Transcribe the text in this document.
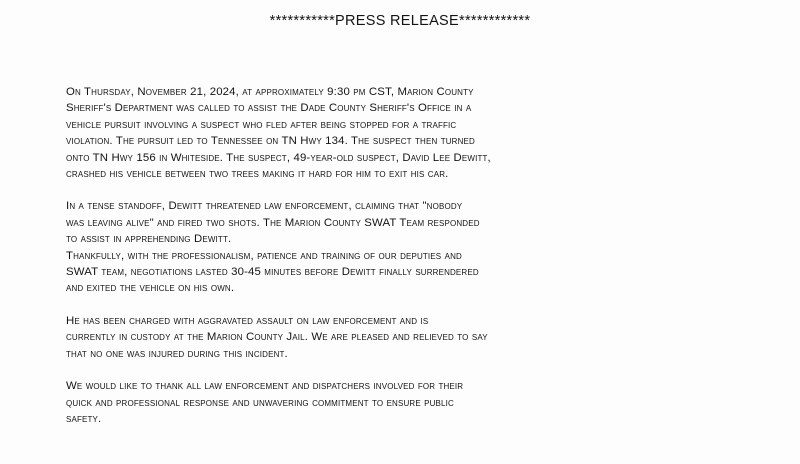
***********PRESS RELEASE************

On Thursday, November 21, 2024, at approximately 9:30 pm CST, Marion County
Sheriff's Department was called to assist the Dade County Sheriff's Office in a
vehicle pursuit involving a suspect who fled after being stopped for a traffic
violation. The pursuit led to Tennessee on TN Hwy 134. The suspect then turned
onto TN Hwy 156 in Whiteside. The suspect, 49-year-old suspect, David Lee Dewitt,
crashed his vehicle between two trees making it hard for him to exit his car.

In a tense standoff, Dewitt threatened law enforcement, claiming that "nobody
was leaving alive" and fired two shots. The Marion County SWAT Team responded
to assist in apprehending Dewitt.

Thankfully, with the professionalism, patience and training of our deputies and
SWAT team, negotiations lasted 30-45 minutes before Dewitt finally surrendered
and exited the vehicle on his own.

He has been charged with aggravated assault on law enforcement and is
currently in custody at the Marion County Jail. We are pleased and relieved to say
that no one was injured during this incident.

We would like to thank all law enforcement and dispatchers involved for their
quick and professional response and unwavering commitment to ensure public
safety.
